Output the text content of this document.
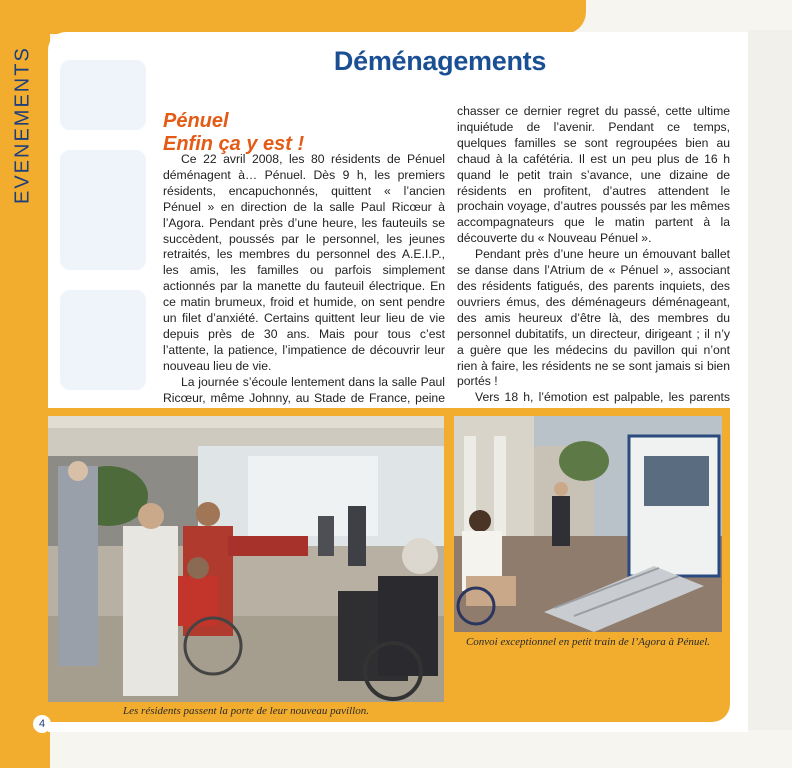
EVENEMENTS	Déménagements
Pénuel
Enfin ça y est !

Ce 22 avril 2008, les 80 résidents de Pénuel déménagent à… Pénuel. Dès 9 h, les premiers résidents, encapuchonnés, quittent « l’ancien Pénuel » en direction de la salle Paul Ricœur à l’Agora. Pendant près d’une heure, les fauteuils se succèdent, poussés par le personnel, les jeunes retraités, les membres du personnel des A.E.I.P., les amis, les familles ou parfois simplement actionnés par la manette du fauteuil électrique. En ce matin brumeux, froid et humide, on sent pendre un filet d’anxiété. Certains quittent leur lieu de vie depuis près de 30 ans. Mais pour tous c’est l’attente, la patience, l’impatience de découvrir leur nouveau lieu de vie.

La journée s’écoule lentement dans la salle Paul Ricœur, même Johnny, au Stade de France, peine

chasser ce dernier regret du passé, cette ultime inquiétude de l’avenir. Pendant ce temps, quelques familles se sont regroupées bien au chaud à la cafétéria. Il est un peu plus de 16 h quand le petit train s’avance, une dizaine de résidents en profitent, d’autres attendent le prochain voyage, d’autres poussés par les mêmes accompagnateurs que le matin partent à la découverte du « Nouveau Pénuel ».

Pendant près d’une heure un émouvant ballet se danse dans l’Atrium de « Pénuel », associant des résidents fatigués, des parents inquiets, des ouvriers émus, des déménageurs déménageant, des amis heureux d’être là, des membres du personnel dubitatifs, un directeur, dirigeant ; il n’y a guère que les médecins du pavillon qui n’ont rien à faire, les résidents ne se sont jamais si bien portés !

Vers 18 h, l’émotion est palpable, les parents

Les résidents passent la porte de leur nouveau pavillon.
Convoi exceptionnel en petit train de l’Agora à Pénuel.
4
